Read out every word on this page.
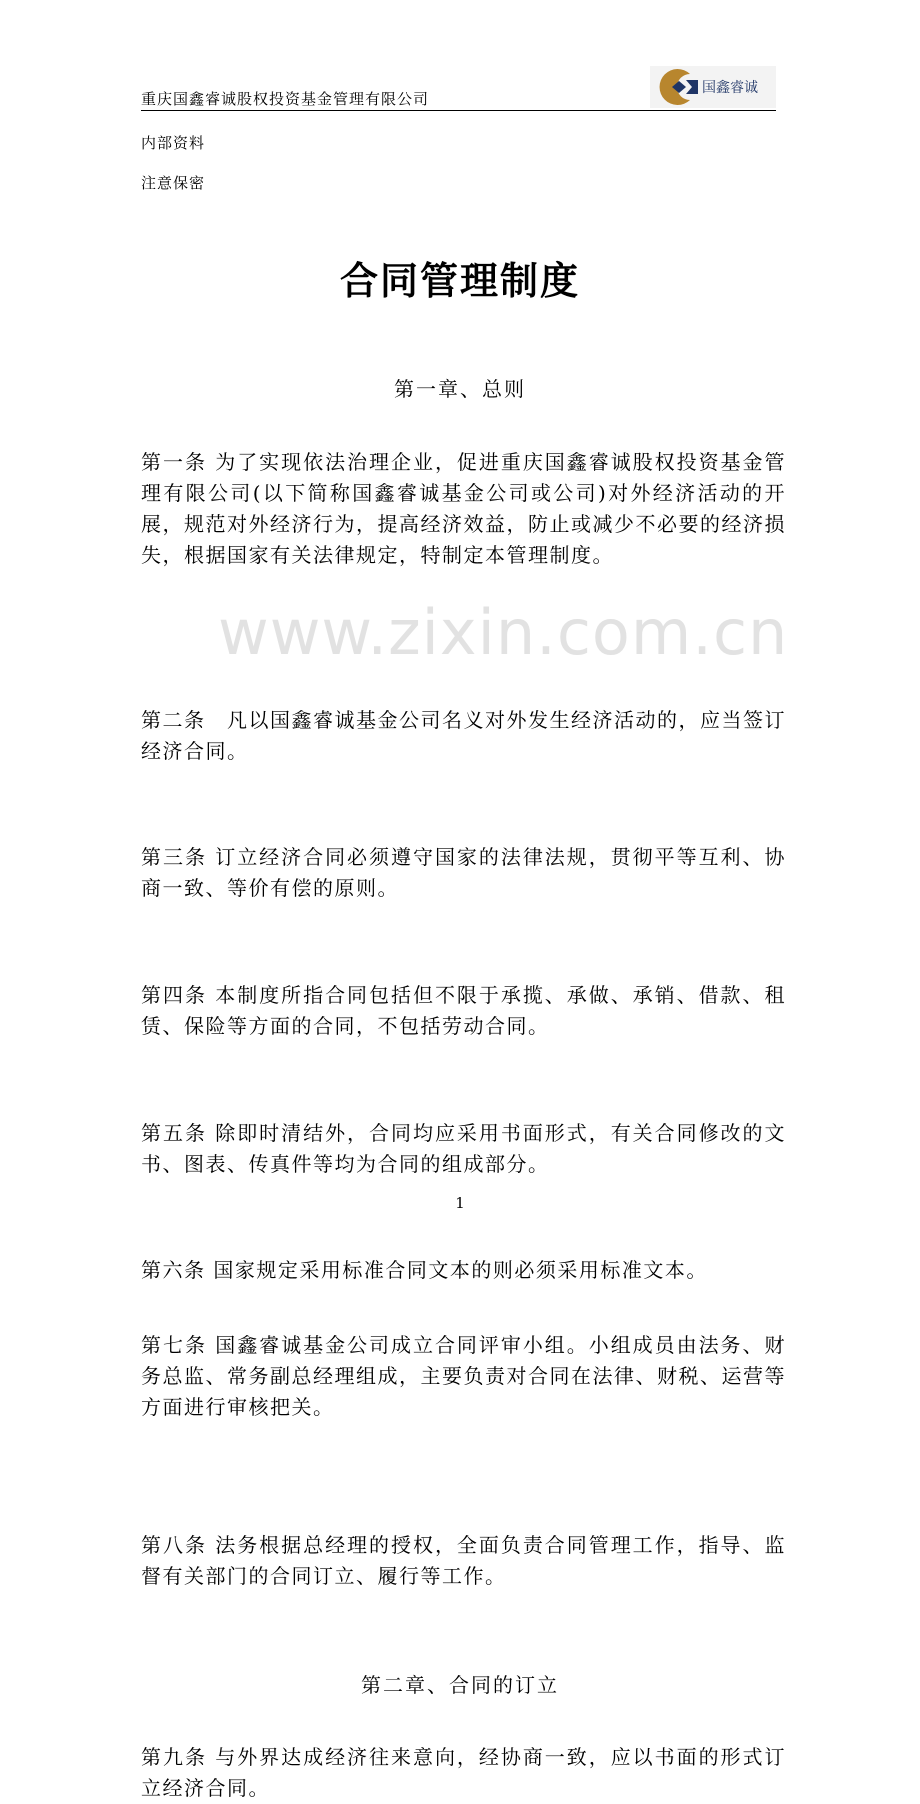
www.zixin.com.cn
重庆国鑫睿诚股权投资基金管理有限公司
国鑫睿诚
内部资料
注意保密
合同管理制度
第一章、总则

第一条 为了实现依法治理企业，促进重庆国鑫睿诚股权投资基金管理有限公司(以下简称国鑫睿诚基金公司或公司)对外经济活动的开展，规范对外经济行为，提高经济效益，防止或减少不必要的经济损失，根据国家有关法律规定，特制定本管理制度。

第二条　凡以国鑫睿诚基金公司名义对外发生经济活动的，应当签订经济合同。

第三条 订立经济合同必须遵守国家的法律法规，贯彻平等互利、协商一致、等价有偿的原则。

第四条 本制度所指合同包括但不限于承揽、承做、承销、借款、租赁、保险等方面的合同，不包括劳动合同。

第五条 除即时清结外，合同均应采用书面形式，有关合同修改的文书、图表、传真件等均为合同的组成部分。

第六条 国家规定采用标准合同文本的则必须采用标准文本。

第七条 国鑫睿诚基金公司成立合同评审小组。小组成员由法务、财务总监、常务副总经理组成，主要负责对合同在法律、财税、运营等方面进行审核把关。

第八条 法务根据总经理的授权，全面负责合同管理工作，指导、监督有关部门的合同订立、履行等工作。

第二章、合同的订立

第九条 与外界达成经济往来意向，经协商一致，应以书面的形式订立经济合同。

1
